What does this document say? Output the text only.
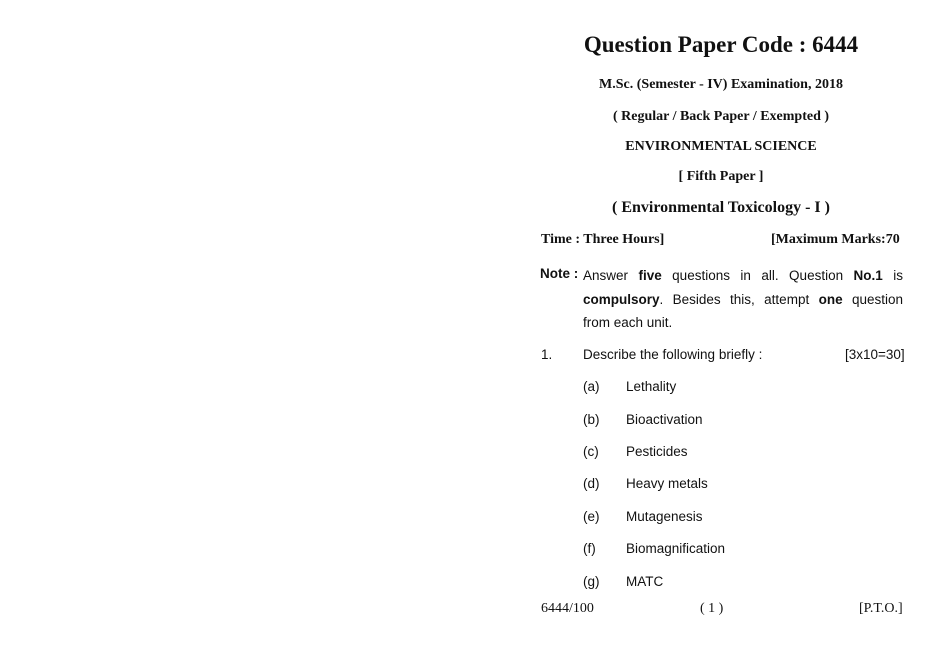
Question Paper Code : 6444
M.Sc. (Semester - IV) Examination, 2018
( Regular / Back Paper / Exempted )
ENVIRONMENTAL SCIENCE
[ Fifth Paper ]
( Environmental Toxicology - I )
Time : Three Hours]	[Maximum Marks:70
Note : Answer five questions in all. Question No.1 is compulsory. Besides this, attempt one question from each unit.
1. Describe the following briefly :	[3x10=30]
(a) Lethality
(b) Bioactivation
(c) Pesticides
(d) Heavy metals
(e) Mutagenesis
(f) Biomagnification
(g) MATC
6444/100	( 1 )	[P.T.O.]
